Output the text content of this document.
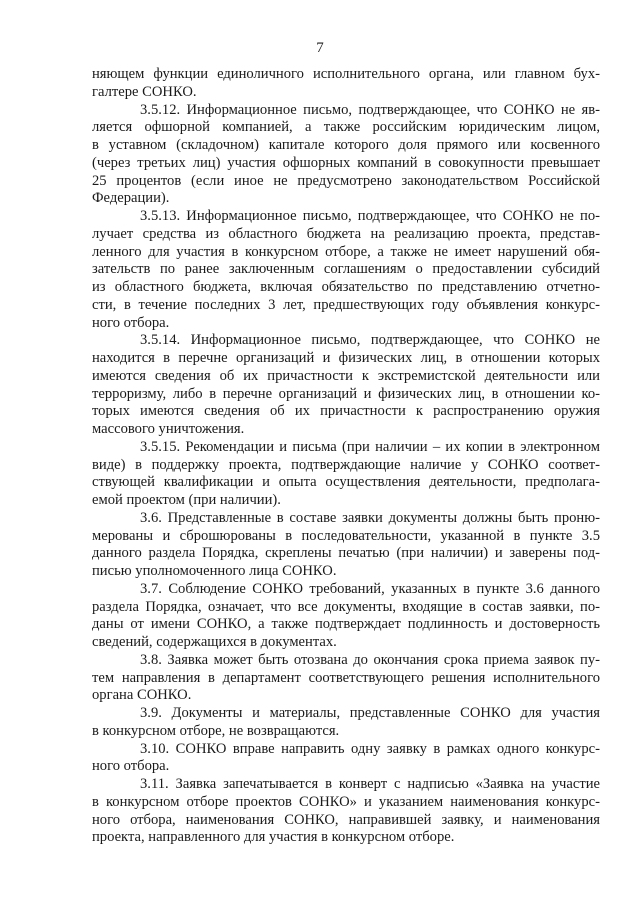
7
няющем функции единоличного исполнительного органа, или главном бух-
галтере СОНКО.
3.5.12. Информационное письмо, подтверждающее, что СОНКО не яв-
ляется офшорной компанией, а также российским юридическим лицом,
в уставном (складочном) капитале которого доля прямого или косвенного
(через третьих лиц) участия офшорных компаний в совокупности превышает
25 процентов (если иное не предусмотрено законодательством Российской
Федерации).
3.5.13. Информационное письмо, подтверждающее, что СОНКО не по-
лучает средства из областного бюджета на реализацию проекта, представ-
ленного для участия в конкурсном отборе, а также не имеет нарушений обя-
зательств по ранее заключенным соглашениям о предоставлении субсидий
из областного бюджета, включая обязательство по представлению отчетно-
сти, в течение последних 3 лет, предшествующих году объявления конкурс-
ного отбора.
3.5.14. Информационное письмо, подтверждающее, что СОНКО не
находится в перечне организаций и физических лиц, в отношении которых
имеются сведения об их причастности к экстремистской деятельности или
терроризму, либо в перечне организаций и физических лиц, в отношении ко-
торых имеются сведения об их причастности к распространению оружия
массового уничтожения.
3.5.15. Рекомендации и письма (при наличии – их копии в электронном
виде) в поддержку проекта, подтверждающие наличие у СОНКО соответ-
ствующей квалификации и опыта осуществления деятельности, предполага-
емой проектом (при наличии).
3.6. Представленные в составе заявки документы должны быть проню-
мерованы и сброшюрованы в последовательности, указанной в пункте 3.5
данного раздела Порядка, скреплены печатью (при наличии) и заверены под-
писью уполномоченного лица СОНКО.
3.7. Соблюдение СОНКО требований, указанных в пункте 3.6 данного
раздела Порядка, означает, что все документы, входящие в состав заявки, по-
даны от имени СОНКО, а также подтверждает подлинность и достоверность
сведений, содержащихся в документах.
3.8. Заявка может быть отозвана до окончания срока приема заявок пу-
тем направления в департамент соответствующего решения исполнительного
органа СОНКО.
3.9. Документы и материалы, представленные СОНКО для участия
в конкурсном отборе, не возвращаются.
3.10. СОНКО вправе направить одну заявку в рамках одного конкурс-
ного отбора.
3.11. Заявка запечатывается в конверт с надписью «Заявка на участие
в конкурсном отборе проектов СОНКО» и указанием наименования конкурс-
ного отбора, наименования СОНКО, направившей заявку, и наименования
проекта, направленного для участия в конкурсном отборе.
